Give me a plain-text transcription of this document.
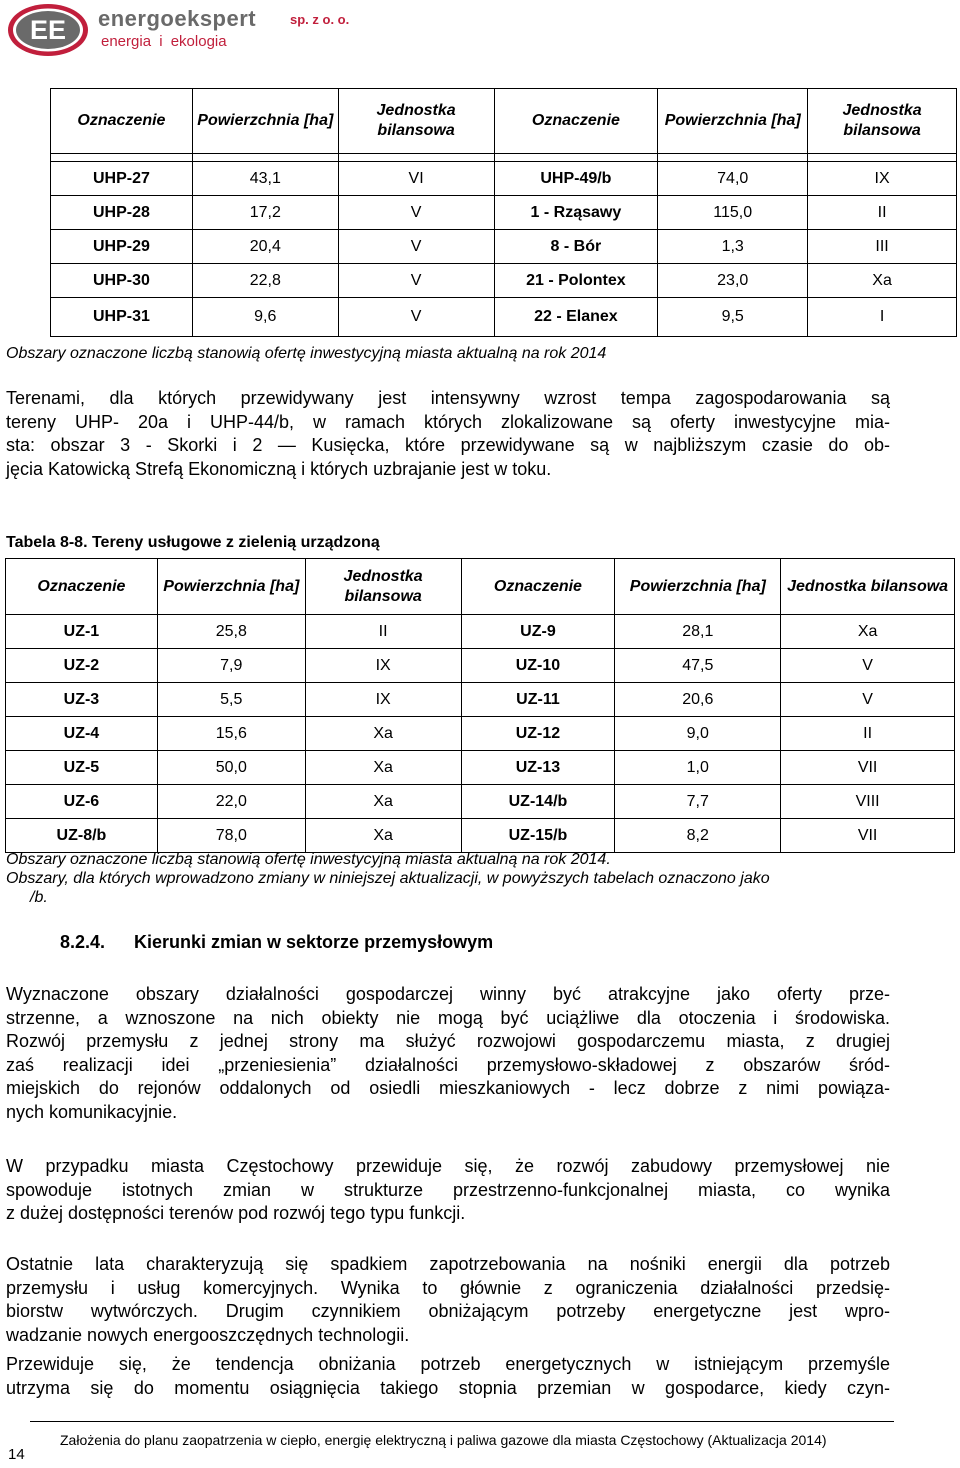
EE energoekspert	sp. z o. o.
energia i ekologia
Oznaczenie	Powierzchnia [ha]	Jednostka bilansowa	Oznaczenie	Powierzchnia [ha]	Jednostka bilansowa

UHP-27	43,1	VI	UHP-49/b	74,0	IX
UHP-28	17,2	V	1 - Rząsawy	115,0	II
UHP-29	20,4	V	8 - Bór	1,3	III
UHP-30	22,8	V	21 - Polontex	23,0	Xa
UHP-31	9,6	V	22 - Elanex	9,5	I
Obszary oznaczone liczbą stanowią ofertę inwestycyjną miasta aktualną na rok 2014
Terenami, dla których przewidywany jest intensywny wzrost tempa zagospodarowania są
tereny UHP- 20a i UHP-44/b, w ramach których zlokalizowane są oferty inwestycyjne mia-
sta: obszar 3 - Skorki i 2 — Kusięcka, które przewidywane są w najbliższym czasie do ob-
jęcia Katowicką Strefą Ekonomiczną i których uzbrajanie jest w toku.
Tabela 8-8. Tereny usługowe z zielenią urządzoną
Oznaczenie	Powierzchnia [ha]	Jednostka bilansowa	Oznaczenie	Powierzchnia [ha]	Jednostka bilansowa
UZ-1	25,8	II	UZ-9	28,1	Xa
UZ-2	7,9	IX	UZ-10	47,5	V
UZ-3	5,5	IX	UZ-11	20,6	V
UZ-4	15,6	Xa	UZ-12	9,0	II
UZ-5	50,0	Xa	UZ-13	1,0	VII
UZ-6	22,0	Xa	UZ-14/b	7,7	VIII
UZ-8/b	78,0	Xa	UZ-15/b	8,2	VII
Obszary oznaczone liczbą stanowią ofertę inwestycyjną miasta aktualną na rok 2014.
Obszary, dla których wprowadzono zmiany w niniejszej aktualizacji, w powyższych tabelach oznaczono jako
/b.
8.2.4. Kierunki zmian w sektorze przemysłowym
Wyznaczone obszary działalności gospodarczej winny być atrakcyjne jako oferty prze-
strzenne, a wznoszone na nich obiekty nie mogą być uciążliwe dla otoczenia i środowiska.
Rozwój przemysłu z jednej strony ma służyć rozwojowi gospodarczemu miasta, z drugiej
zaś realizacji idei „przeniesienia” działalności przemysłowo-składowej z obszarów śród-
miejskich do rejonów oddalonych od osiedli mieszkaniowych - lecz dobrze z nimi powiąza-
nych komunikacyjnie.
W przypadku miasta Częstochowy przewiduje się, że rozwój zabudowy przemysłowej nie
spowoduje istotnych zmian w strukturze przestrzenno-funkcjonalnej miasta, co wynika
z dużej dostępności terenów pod rozwój tego typu funkcji.
Ostatnie lata charakteryzują się spadkiem zapotrzebowania na nośniki energii dla potrzeb
przemysłu i usług komercyjnych. Wynika to głównie z ograniczenia działalności przedsię-
biorstw wytwórczych. Drugim czynnikiem obniżającym potrzeby energetyczne jest wpro-
wadzanie nowych energooszczędnych technologii.
Przewiduje się, że tendencja obniżania potrzeb energetycznych w istniejącym przemyśle
utrzyma się do momentu osiągnięcia takiego stopnia przemian w gospodarce, kiedy czyn-
Założenia do planu zaopatrzenia w ciepło, energię elektryczną i paliwa gazowe dla miasta Częstochowy (Aktualizacja 2014)
14
